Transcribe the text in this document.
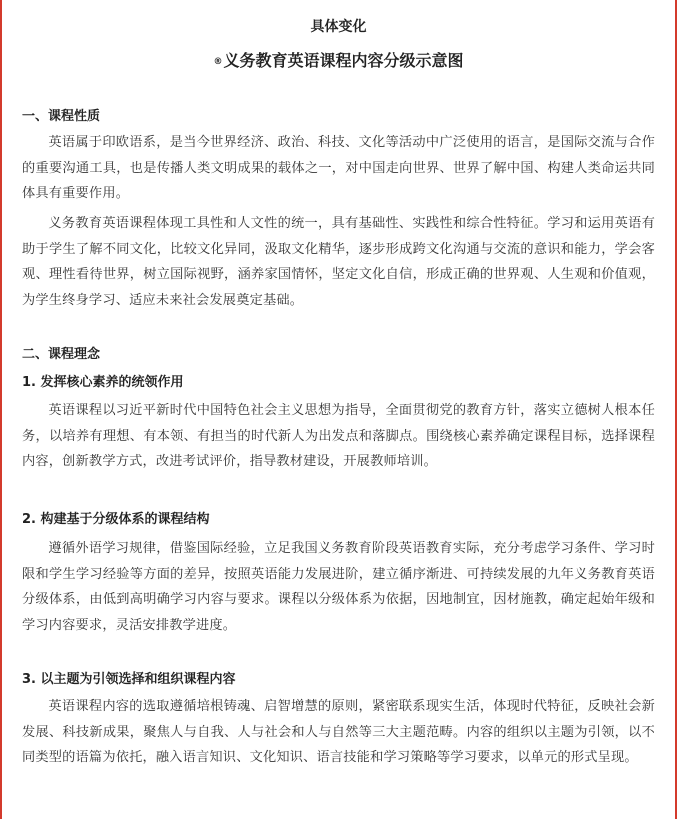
具体变化
®义务教育英语课程内容分级示意图
一、课程性质

英语属于印欧语系，是当今世界经济、政治、科技、文化等活动中广泛使用的语言，是国际交流与合作的重要沟通工具，也是传播人类文明成果的载体之一，对中国走向世界、世界了解中国、构建人类命运共同体具有重要作用。

义务教育英语课程体现工具性和人文性的统一，具有基础性、实践性和综合性特征。学习和运用英语有助于学生了解不同文化，比较文化异同，汲取文化精华，逐步形成跨文化沟通与交流的意识和能力，学会客观、理性看待世界，树立国际视野，涵养家国情怀，坚定文化自信，形成正确的世界观、人生观和价值观，为学生终身学习、适应未来社会发展奠定基础。

二、课程理念
1. 发挥核心素养的统领作用

英语课程以习近平新时代中国特色社会主义思想为指导，全面贯彻党的教育方针，落实立德树人根本任务，以培养有理想、有本领、有担当的时代新人为出发点和落脚点。围绕核心素养确定课程目标，选择课程内容，创新教学方式，改进考试评价，指导教材建设，开展教师培训。

2. 构建基于分级体系的课程结构

遵循外语学习规律，借鉴国际经验，立足我国义务教育阶段英语教育实际，充分考虑学习条件、学习时限和学生学习经验等方面的差异，按照英语能力发展进阶，建立循序渐进、可持续发展的九年义务教育英语分级体系，由低到高明确学习内容与要求。课程以分级体系为依据，因地制宜，因材施教，确定起始年级和学习内容要求，灵活安排教学进度。

3. 以主题为引领选择和组织课程内容

英语课程内容的选取遵循培根铸魂、启智增慧的原则，紧密联系现实生活，体现时代特征，反映社会新发展、科技新成果，聚焦人与自我、人与社会和人与自然等三大主题范畴。内容的组织以主题为引领，以不同类型的语篇为依托，融入语言知识、文化知识、语言技能和学习策略等学习要求，以单元的形式呈现。
